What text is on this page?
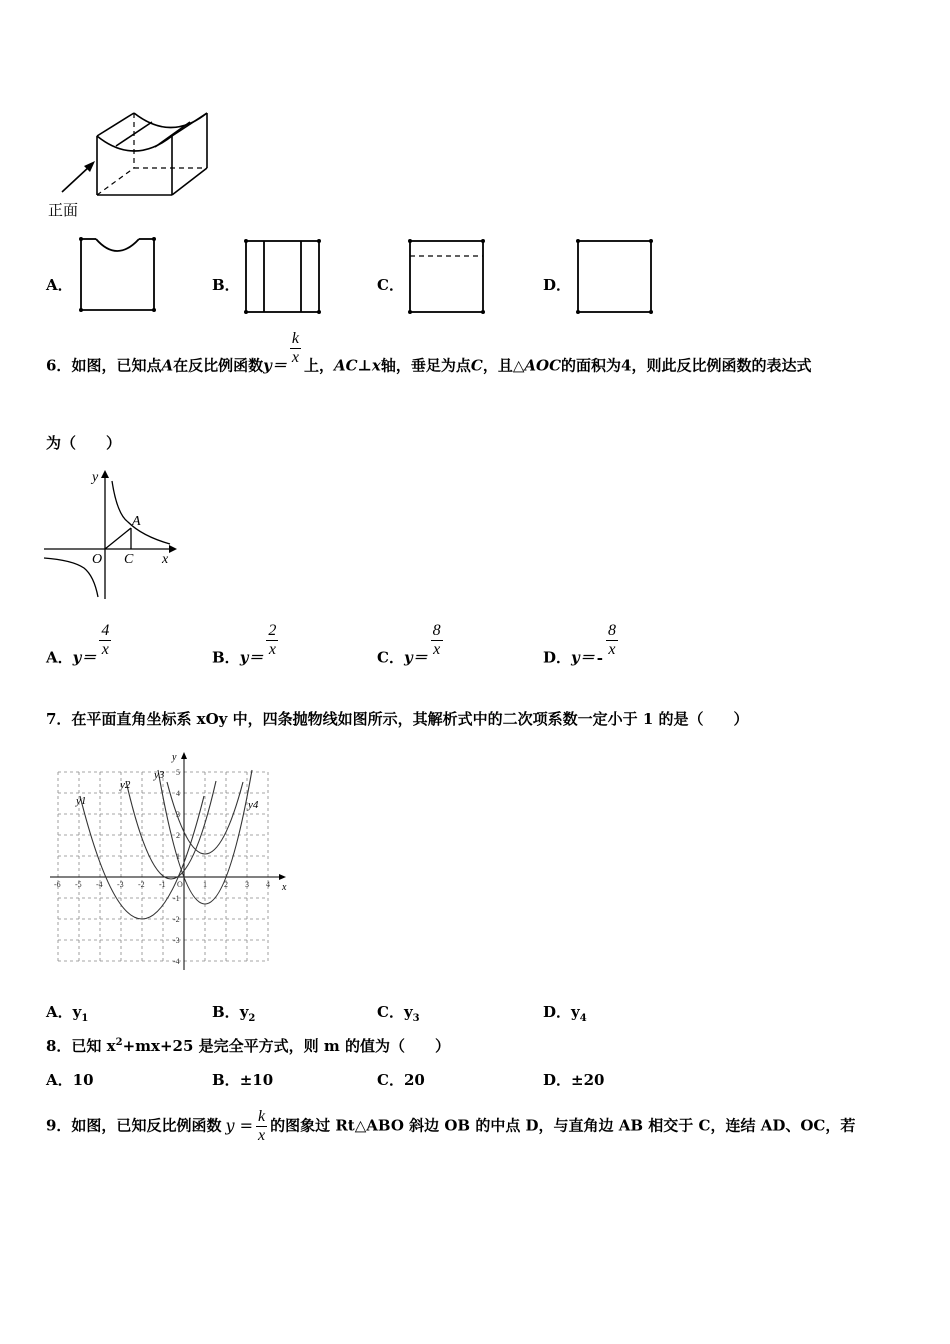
正面
A．	B．	C．	D．
6．如图，已知点A在反比例函数$y= \frac{k}{x}$ 上，AC⊥x轴，垂足为点C，且△AOC的面积为4，则此反比例函数的表达式
为（　　）
y
x
O C
A
A．$y= \frac{4}{x}$	B．$y= \frac{2}{x}$	C．$y= \frac{8}{x}$	D．$y= - \frac{8}{x}$
7．在平面直角坐标系 xOy 中，四条抛物线如图所示，其解析式中的二次项系数一定小于 1 的是（　　）
y
x
y1
y2
y3
y4
-6 -5 -4 -3 -2 -1 O	1 2 3 4
5
4
3
2
1
-1
-2
-3
-4
A．$y_1$	B．$y_2$	C．$y_3$	D．$y_4$
8．已知 $x^2+mx+25$ 是完全平方式，则 m 的值为（　　）
A．10	B．±10	C．20	D．±20
9．如图，已知反比例函数 $y = \frac{k}{x}$ 的图象过 Rt△ABO 斜边 OB 的中点 D，与直角边 AB 相交于 C，连结 AD、OC，若
